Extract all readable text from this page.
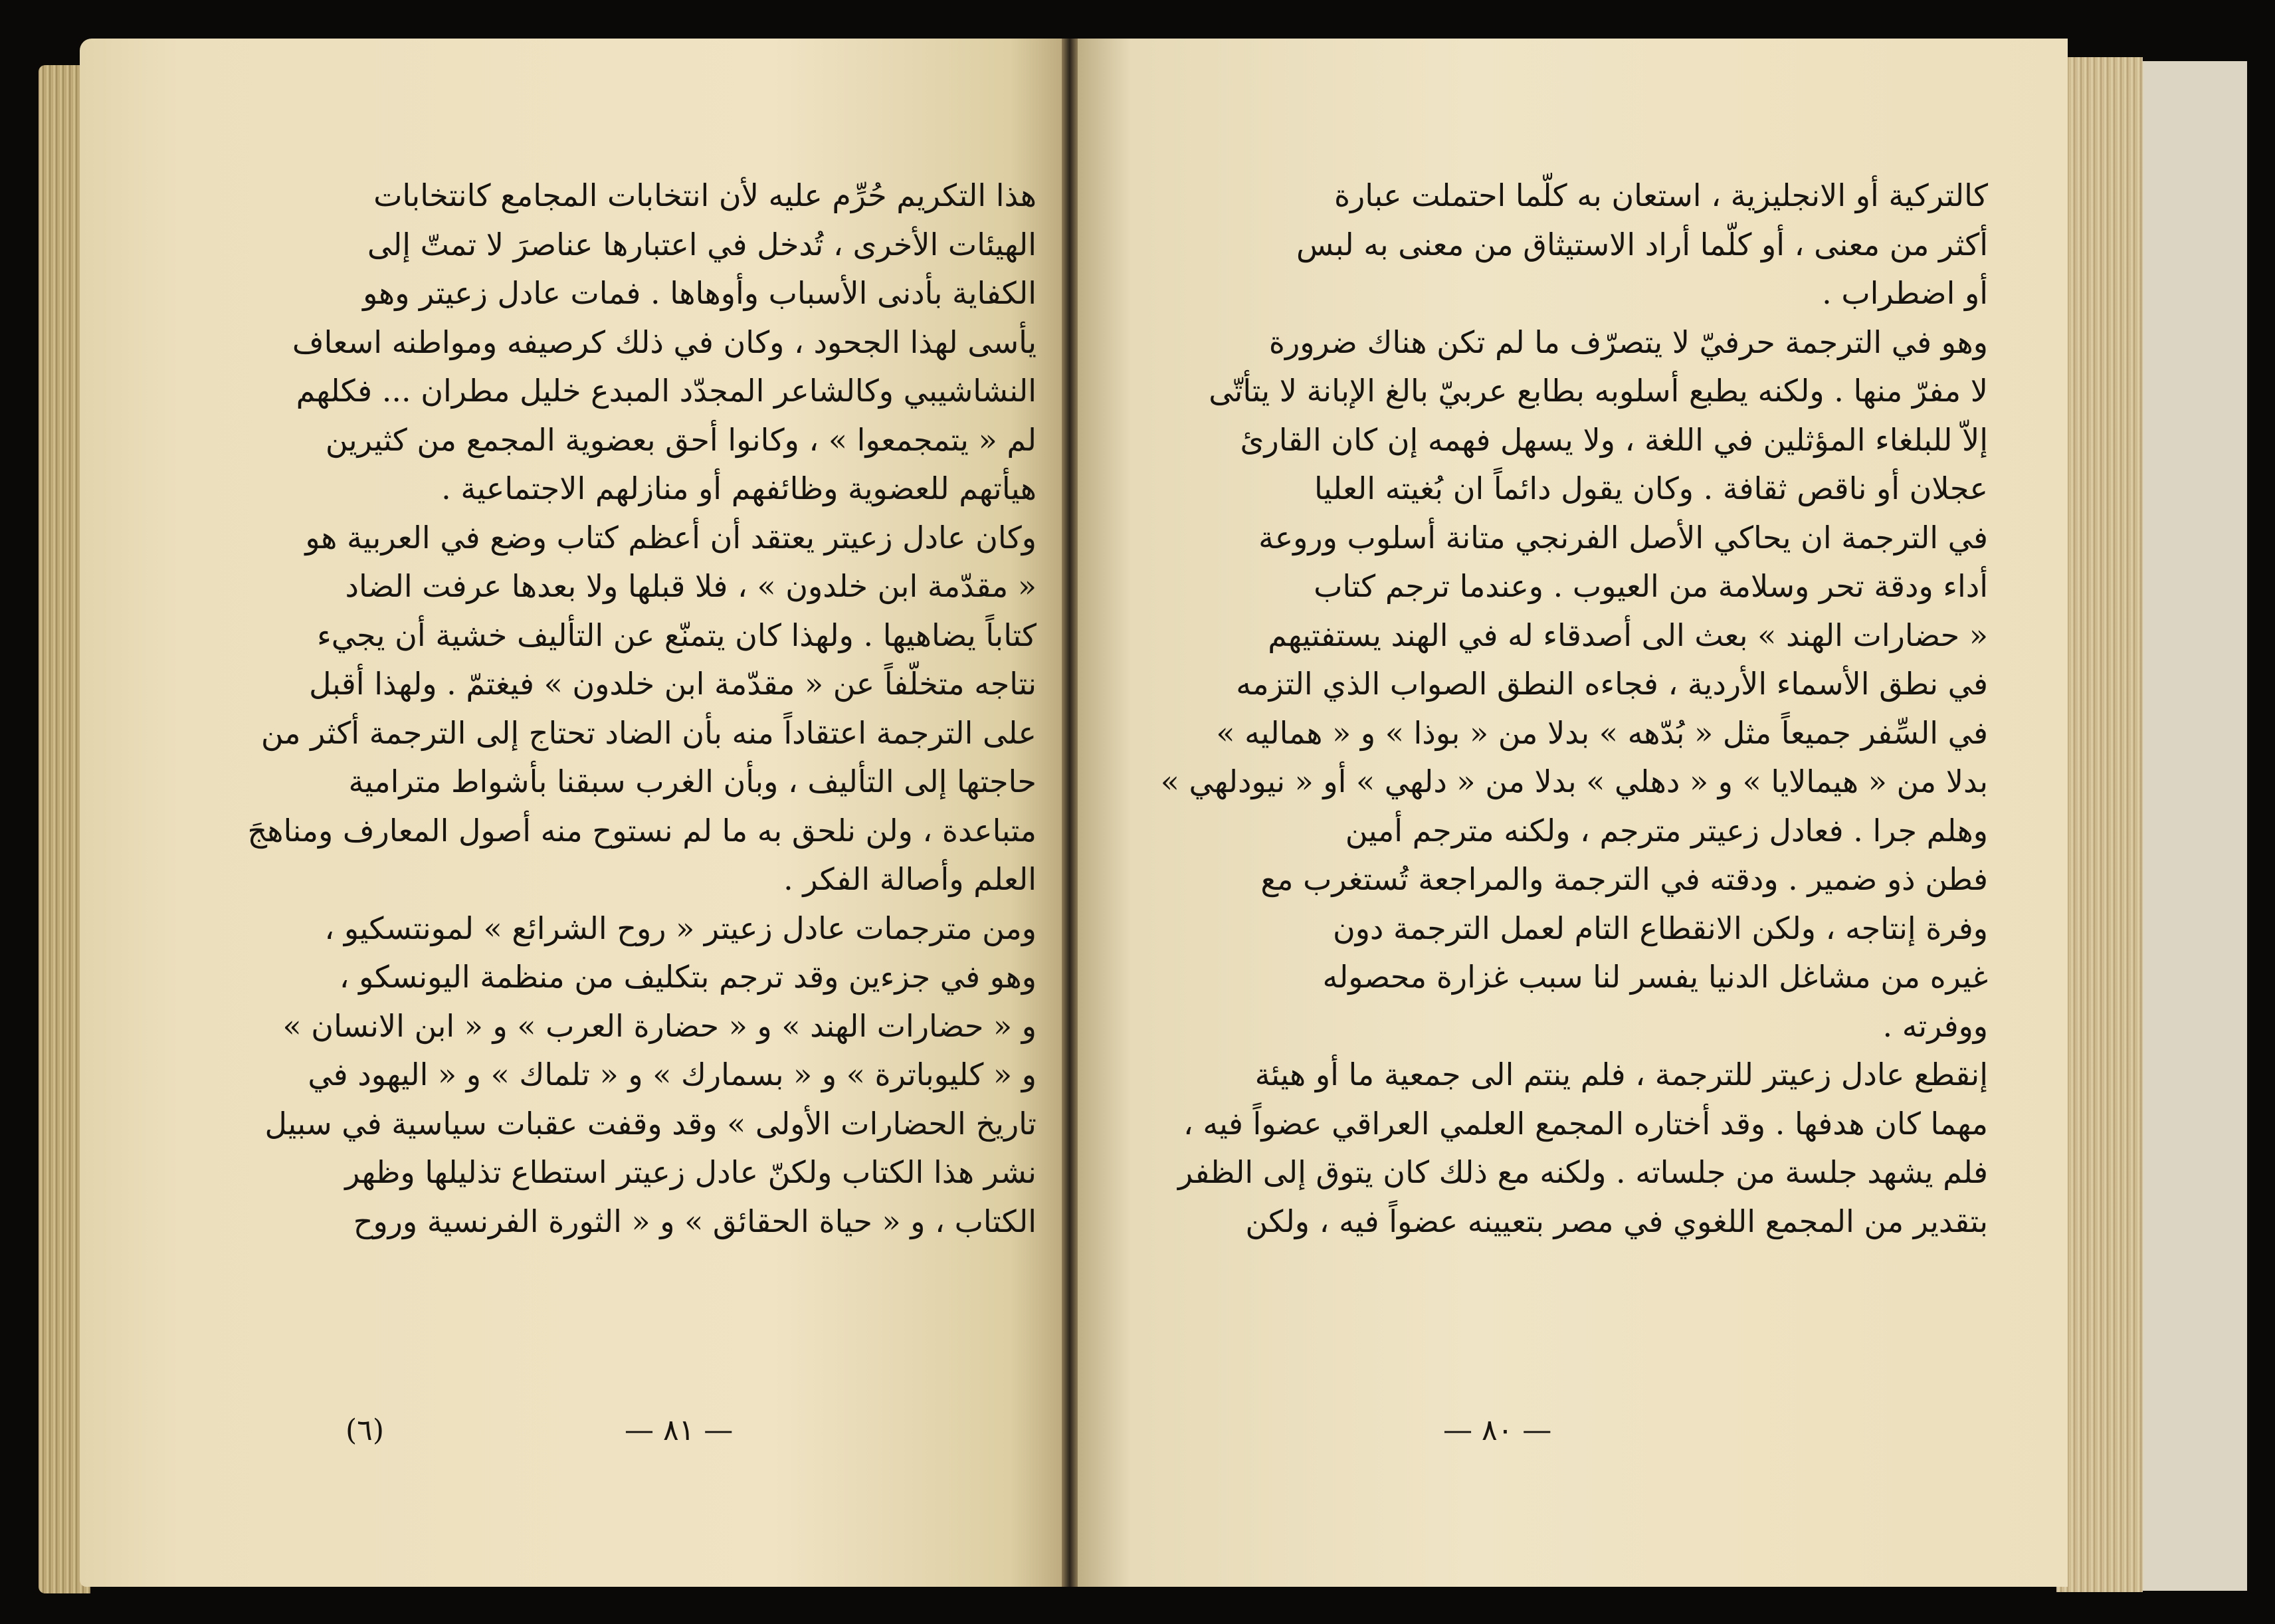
هذا التكريم حُرِّم عليه لأن انتخابات المجامع كانتخابات
الهيئات الأخرى ، تُدخل في اعتبارها عناصرَ لا تمتّ إلى
الكفاية بأدنى الأسباب وأوهاها . فمات عادل زعيتر وهو
يأسى لهذا الجحود ، وكان في ذلك كرصيفه ومواطنه اسعاف
النشاشيبي وكالشاعر المجدّد المبدع خليل مطران ... فكلهم
لم « يتمجمعوا » ، وكانوا أحق بعضوية المجمع من كثيرين
هيأتهم للعضوية وظائفهم أو منازلهم الاجتماعية .
وكان عادل زعيتر يعتقد أن أعظم كتاب وضع في العربية هو
« مقدّمة ابن خلدون » ، فلا قبلها ولا بعدها عرفت الضاد
كتاباً يضاهيها . ولهذا كان يتمنّع عن التأليف خشية أن يجيء
نتاجه متخلّفاً عن « مقدّمة ابن خلدون » فيغتمّ . ولهذا أقبل
على الترجمة اعتقاداً منه بأن الضاد تحتاج إلى الترجمة أكثر من
حاجتها إلى التأليف ، وبأن الغرب سبقنا بأشواط مترامية
متباعدة ، ولن نلحق به ما لم نستوح منه أصول المعارف ومناهجَ
العلم وأصالة الفكر .
ومن مترجمات عادل زعيتر « روح الشرائع » لمونتسكيو ،
وهو في جزءين وقد ترجم بتكليف من منظمة اليونسكو ،
و « حضارات الهند » و « حضارة العرب » و « ابن الانسان »
و « كليوباترة » و « بسمارك » و « تلماك » و « اليهود في
تاريخ الحضارات الأولى » وقد وقفت عقبات سياسية في سبيل
نشر هذا الكتاب ولكنّ عادل زعيتر استطاع تذليلها وظهر
الكتاب ، و « حياة الحقائق » و « الثورة الفرنسية وروح
(٦)	— ٨١ —
كالتركية أو الانجليزية ، استعان به كلّما احتملت عبارة
أكثر من معنى ، أو كلّما أراد الاستيثاق من معنى به لبس
أو اضطراب .
وهو في الترجمة حرفيّ لا يتصرّف ما لم تكن هناك ضرورة
لا مفرّ منها . ولكنه يطبع أسلوبه بطابع عربيّ بالغ الإبانة لا يتأتّى
إلاّ للبلغاء المؤثلين في اللغة ، ولا يسهل فهمه إن كان القارئ
عجلان أو ناقص ثقافة . وكان يقول دائماً ان بُغيته العليا
في الترجمة ان يحاكي الأصل الفرنجي متانة أسلوب وروعة
أداء ودقة تحر وسلامة من العيوب . وعندما ترجم كتاب
« حضارات الهند » بعث الى أصدقاء له في الهند يستفتيهم
في نطق الأسماء الأردية ، فجاءه النطق الصواب الذي التزمه
في السِّفر جميعاً مثل « بُدّهه » بدلا من « بوذا » و « هماليه »
بدلا من « هيمالايا » و « دهلي » بدلا من « دلهي » أو « نيودلهي »
وهلم جرا . فعادل زعيتر مترجم ، ولكنه مترجم أمين
فطن ذو ضمير . ودقته في الترجمة والمراجعة تُستغرب مع
وفرة إنتاجه ، ولكن الانقطاع التام لعمل الترجمة دون
غيره من مشاغل الدنيا يفسر لنا سبب غزارة محصوله
ووفرته .
إنقطع عادل زعيتر للترجمة ، فلم ينتم الى جمعية ما أو هيئة
مهما كان هدفها . وقد أختاره المجمع العلمي العراقي عضواً فيه ،
فلم يشهد جلسة من جلساته . ولكنه مع ذلك كان يتوق إلى الظفر
بتقدير من المجمع اللغوي في مصر بتعيينه عضواً فيه ، ولكن
— ٨٠ —
